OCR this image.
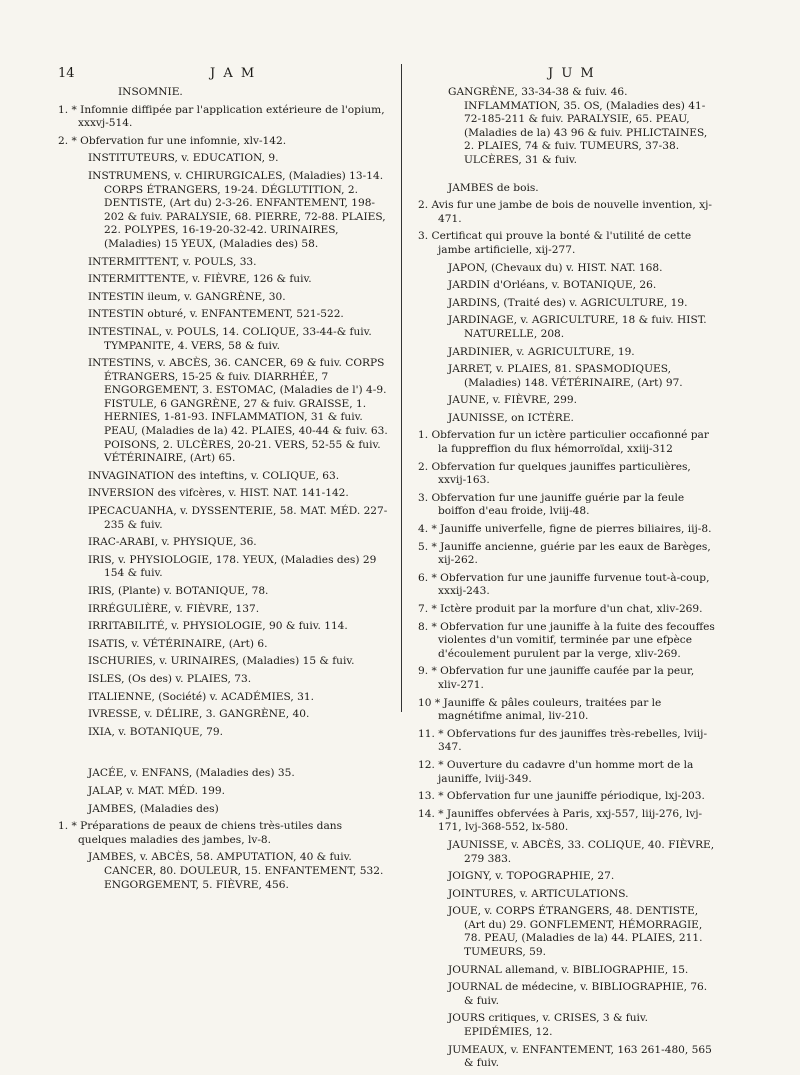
14	J A M	J U M

INSOMNIE.

1. * Infomnie diffipée par l'application extérieure de l'opium, xxxvj-514.

2. * Obfervation fur une infomnie, xlv-142.

INSTITUTEURS, v. EDUCATION, 9.

INSTRUMENS, v. CHIRURGICALES, (Maladies) 13-14. CORPS ÉTRANGERS, 19-24. DÉGLUTITION, 2. DENTISTE, (Art du) 2-3-26. ENFANTEMENT, 198-202 & fuiv. PARALYSIE, 68. PIERRE, 72-88. PLAIES, 22. POLYPES, 16-19-20-32-42. URINAIRES, (Maladies) 15 YEUX, (Maladies des) 58.

INTERMITTENT, v. POULS, 33.

INTERMITTENTE, v. FIÈVRE, 126 & fuiv.

INTESTIN ileum, v. GANGRÈNE, 30.

INTESTIN obturé, v. ENFANTEMENT, 521-522.

INTESTINAL, v. POULS, 14. COLIQUE, 33-44-& fuiv. TYMPANITE, 4. VERS, 58 & fuiv.

INTESTINS, v. ABCÈS, 36. CANCER, 69 & fuiv. CORPS ÉTRANGERS, 15-25 & fuiv. DIARRHÉE, 7 ENGORGEMENT, 3. ESTOMAC, (Maladies de l') 4-9. FISTULE, 6 GANGRÈNE, 27 & fuiv. GRAISSE, 1. HERNIES, 1-81-93. INFLAMMATION, 31 & fuiv. PEAU, (Maladies de la) 42. PLAIES, 40-44 & fuiv. 63. POISONS, 2. ULCÈRES, 20-21. VERS, 52-55 & fuiv. VÉTÉRINAIRE, (Art) 65.

INVAGINATION des inteftins, v. COLIQUE, 63.

INVERSION des vifcères, v. HIST. NAT. 141-142.

IPECACUANHA, v. DYSSENTERIE, 58. MAT. MÉD. 227-235 & fuiv.

IRAC-ARABI, v. PHYSIQUE, 36.

IRIS, v. PHYSIOLOGIE, 178. YEUX, (Maladies des) 29 154 & fuiv.

IRIS, (Plante) v. BOTANIQUE, 78.

IRRÉGULIÈRE, v. FIÈVRE, 137.

IRRITABILITÉ, v. PHYSIOLOGIE, 90 & fuiv. 114.

ISATIS, v. VÉTÉRINAIRE, (Art) 6.

ISCHURIES, v. URINAIRES, (Maladies) 15 & fuiv.

ISLES, (Os des) v. PLAIES, 73.

ITALIENNE, (Société) v. ACADÉMIES, 31.

IVRESSE, v. DÉLIRE, 3. GANGRÈNE, 40.

IXIA, v. BOTANIQUE, 79.

JACÉE, v. ENFANS, (Maladies des) 35.

JALAP, v. MAT. MÉD. 199.

JAMBES, (Maladies des)

1. * Préparations de peaux de chiens très-utiles dans quelques maladies des jambes, lv-8.

JAMBES, v. ABCÈS, 58. AMPUTATION, 40 & fuiv. CANCER, 80. DOULEUR, 15. ENFANTEMENT, 532. ENGORGEMENT, 5. FIÈVRE, 456.

GANGRÈNE, 33-34-38 & fuiv. 46. INFLAMMATION, 35. OS, (Maladies des) 41-72-185-211 & fuiv. PARALYSIE, 65. PEAU, (Maladies de la) 43 96 & fuiv. PHLICTAINES, 2. PLAIES, 74 & fuiv. TUMEURS, 37-38. ULCÈRES, 31 & fuiv.

JAMBES de bois.

2. Avis fur une jambe de bois de nouvelle invention, xj-471.

3. Certificat qui prouve la bonté & l'utilité de cette jambe artificielle, xij-277.

JAPON, (Chevaux du) v. HIST. NAT. 168.

JARDIN d'Orléans, v. BOTANIQUE, 26.

JARDINS, (Traité des) v. AGRICULTURE, 19.

JARDINAGE, v. AGRICULTURE, 18 & fuiv. HIST. NATURELLE, 208.

JARDINIER, v. AGRICULTURE, 19.

JARRET, v. PLAIES, 81. SPASMODIQUES, (Maladies) 148. VÉTÉRINAIRE, (Art) 97.

JAUNE, v. FIÈVRE, 299.

JAUNISSE, on ICTÈRE.

1. Obfervation fur un ictère particulier occafionné par la fuppreffion du flux hémorroïdal, xxiij-312

2. Obfervation fur quelques jauniffes particulières, xxvij-163.

3. Obfervation fur une jauniffe guérie par la feule boiffon d'eau froide, lviij-48.

4. * Jauniffe univerfelle, figne de pierres biliaires, iij-8.

5. * Jauniffe ancienne, guérie par les eaux de Barèges, xij-262.

6. * Obfervation fur une jauniffe furvenue tout-à-coup, xxxij-243.

7. * Ictère produit par la morfure d'un chat, xliv-269.

8. * Obfervation fur une jauniffe à la fuite des fecouffes violentes d'un vomitif, terminée par une efpèce d'écoulement purulent par la verge, xliv-269.

9. * Obfervation fur une jauniffe caufée par la peur, xliv-271.

10 * Jauniffe & pâles couleurs, traitées par le magnétifme animal, liv-210.

11. * Obfervations fur des jauniffes très-rebelles, lviij-347.

12. * Ouverture du cadavre d'un homme mort de la jauniffe, lviij-349.

13. * Obfervation fur une jauniffe périodique, lxj-203.

14. * Jauniffes obfervées à Paris, xxj-557, liij-276, lvj-171, lvj-368-552, lx-580.

JAUNISSE, v. ABCÈS, 33. COLIQUE, 40. FIÈVRE, 279 383.

JOIGNY, v. TOPOGRAPHIE, 27.

JOINTURES, v. ARTICULATIONS.

JOUE, v. CORPS ÉTRANGERS, 48. DENTISTE, (Art du) 29. GONFLEMENT, HÉMORRAGIE, 78. PEAU, (Maladies de la) 44. PLAIES, 211. TUMEURS, 59.

JOURNAL allemand, v. BIBLIOGRAPHIE, 15.

JOURNAL de médecine, v. BIBLIOGRAPHIE, 76. & fuiv.

JOURS critiques, v. CRISES, 3 & fuiv. EPIDÉMIES, 12.

JUMEAUX, v. ENFANTEMENT, 163 261-480, 565 & fuiv.
